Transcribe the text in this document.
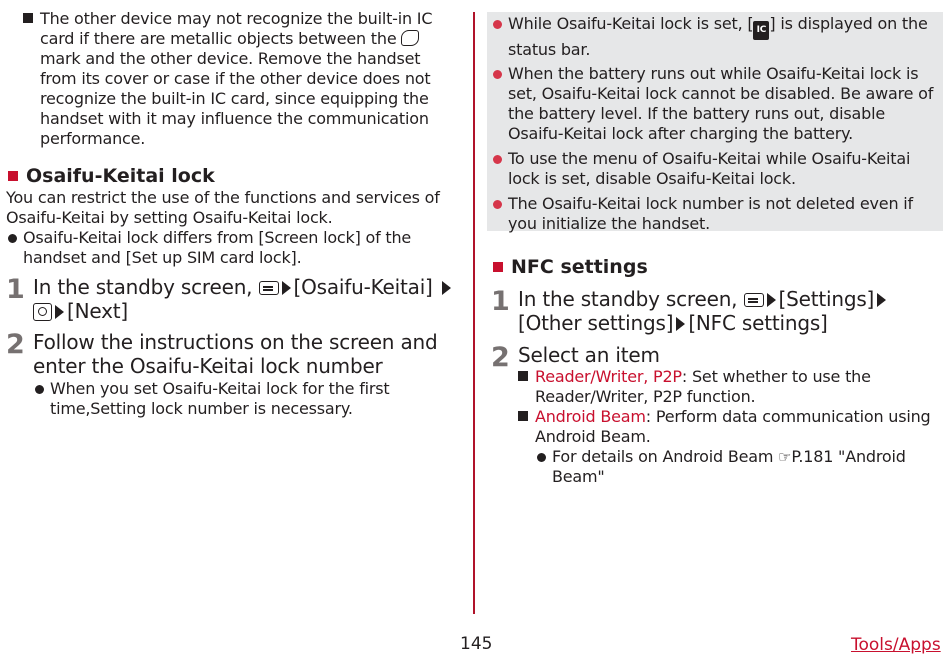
The other device may not recognize the built-in IC card if there are metallic objects between the  mark and the other device. Remove the handset from its cover or case if the other device does not recognize the built-in IC card, since equipping the handset with it may influence the communication performance.
Osaifu-Keitai lock
You can restrict the use of the functions and services of Osaifu-Keitai by setting Osaifu-Keitai lock.
Osaifu-Keitai lock differs from [Screen lock] of the handset and [Set up SIM card lock].
1 In the standby screen, [Osaifu-Keitai] [Next]
2 Follow the instructions on the screen and enter the Osaifu-Keitai lock number
When you set Osaifu-Keitai lock for the first time,Setting lock number is necessary.
While Osaifu-Keitai lock is set, [ IC ] is displayed on the status bar.
When the battery runs out while Osaifu-Keitai lock is set, Osaifu-Keitai lock cannot be disabled. Be aware of the battery level. If the battery runs out, disable Osaifu-Keitai lock after charging the battery.
To use the menu of Osaifu-Keitai while Osaifu-Keitai lock is set, disable Osaifu-Keitai lock.
The Osaifu-Keitai lock number is not deleted even if you initialize the handset.
NFC settings
1 In the standby screen, [Settings] [Other settings] [NFC settings]
2 Select an item
Reader/Writer, P2P: Set whether to use the Reader/Writer, P2P function.
Android Beam: Perform data communication using Android Beam.
For details on Android Beam ☞P.181 "Android Beam"
145	Tools/Apps
